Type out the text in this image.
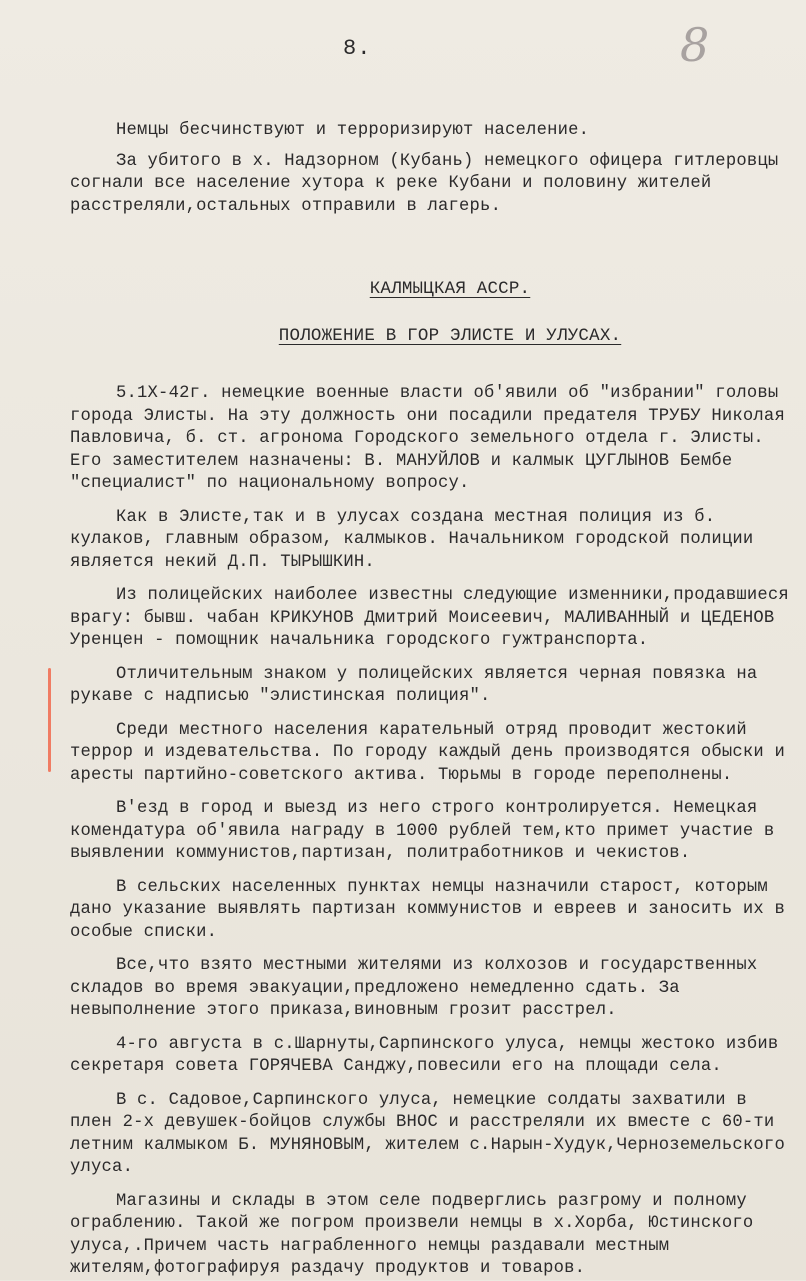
8.	8

Немцы бесчинствуют и терроризируют население.

За убитого в х. Надзорном (Кубань) немецкого офицера гитлеровцы согнали все население хутора к реке Кубани и половину жителей расстреляли,остальных отправили в лагерь.

КАЛМЫЦКАЯ АССР.

ПОЛОЖЕНИЕ В ГОР ЭЛИСТЕ И УЛУСАХ.

5.1Х-42г. немецкие военные власти об'явили об "избрании" головы города Элисты. На эту должность они посадили предателя ТРУБУ Николая Павловича, б. ст. агронома Городского земельного отдела г. Элисты. Его заместителем назначены: В. МАНУЙЛОВ и калмык ЦУГЛЫНОВ Бембе "специалист" по национальному вопросу.

Как в Элисте,так и в улусах создана местная полиция из б. кулаков, главным образом, калмыков. Начальником городской полиции является некий Д.П. ТЫРЫШКИН.

Из полицейских наиболее известны следующие изменники,продавшиеся врагу: бывш. чабан КРИКУНОВ Дмитрий Моисеевич, МАЛИВАННЫЙ и ЦЕДЕНОВ Уренцен - помощник начальника городского гужтранспорта.

Отличительным знаком у полицейских является черная повязка на рукаве с надписью "элистинская полиция".

Среди местного населения карательный отряд проводит жестокий террор и издевательства. По городу каждый день производятся обыски и аресты партийно-советского актива. Тюрьмы в городе переполнены.

В'езд в город и выезд из него строго контролируется. Немецкая комендатура об'явила награду в 1000 рублей тем,кто примет участие в выявлении коммунистов,партизан, политработников и чекистов.

В сельских населенных пунктах немцы назначили старост, которым дано указание выявлять партизан коммунистов и евреев и заносить их в особые списки.

Все,что взято местными жителями из колхозов и государственных складов во время эвакуации,предложено немедленно сдать. За невыполнение этого приказа,виновным грозит расстрел.

4-го августа в с.Шарнуты,Сарпинского улуса, немцы жестоко избив секретаря совета ГОРЯЧЕВА Санджу,повесили его на площади села.

В с. Садовое,Сарпинского улуса, немецкие солдаты захватили в плен 2-х девушек-бойцов службы ВНОС и расстреляли их вместе с 60-ти летним калмыком Б. МУНЯНОВЫМ, жителем с.Нарын-Худук,Черноземельского улуса.

Магазины и склады в этом селе подверглись разгрому и полному ограблению. Такой же погром произвели немцы в х.Хорба, Юстинского улуса,.Причем часть награбленного немцы раздавали местным жителям,фотографируя раздачу продуктов и товаров.
